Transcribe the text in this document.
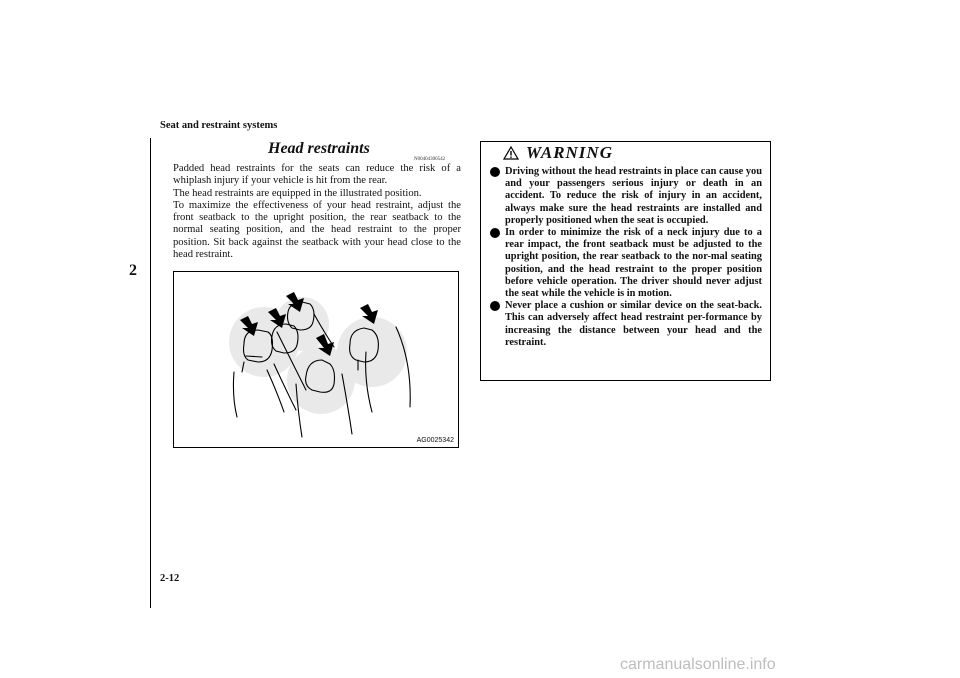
Seat and restraint systems
2
Head restraints
N00404300542

Padded head restraints for the seats can reduce the risk of a whiplash injury if your vehicle is hit from the rear.

The head restraints are equipped in the illustrated position.

To maximize the effectiveness of your head restraint, adjust the front seatback to the upright position, the rear seatback to the normal seating position, and the head restraint to the proper position. Sit back against the seatback with your head close to the head restraint.

AG0025342
WARNING
Driving without the head restraints in place can cause you and your passengers serious injury or death in an accident. To reduce the risk of injury in an accident, always make sure the head restraints are installed and properly positioned when the seat is occupied.
In order to minimize the risk of a neck injury due to a rear impact, the front seatback must be adjusted to the upright position, the rear seatback to the nor-mal seating position, and the head restraint to the proper position before vehicle operation. The driver should never adjust the seat while the vehicle is in motion.
Never place a cushion or similar device on the seat-back. This can adversely affect head restraint per-formance by increasing the distance between your head and the restraint.
2-12
carmanualsonline.info
